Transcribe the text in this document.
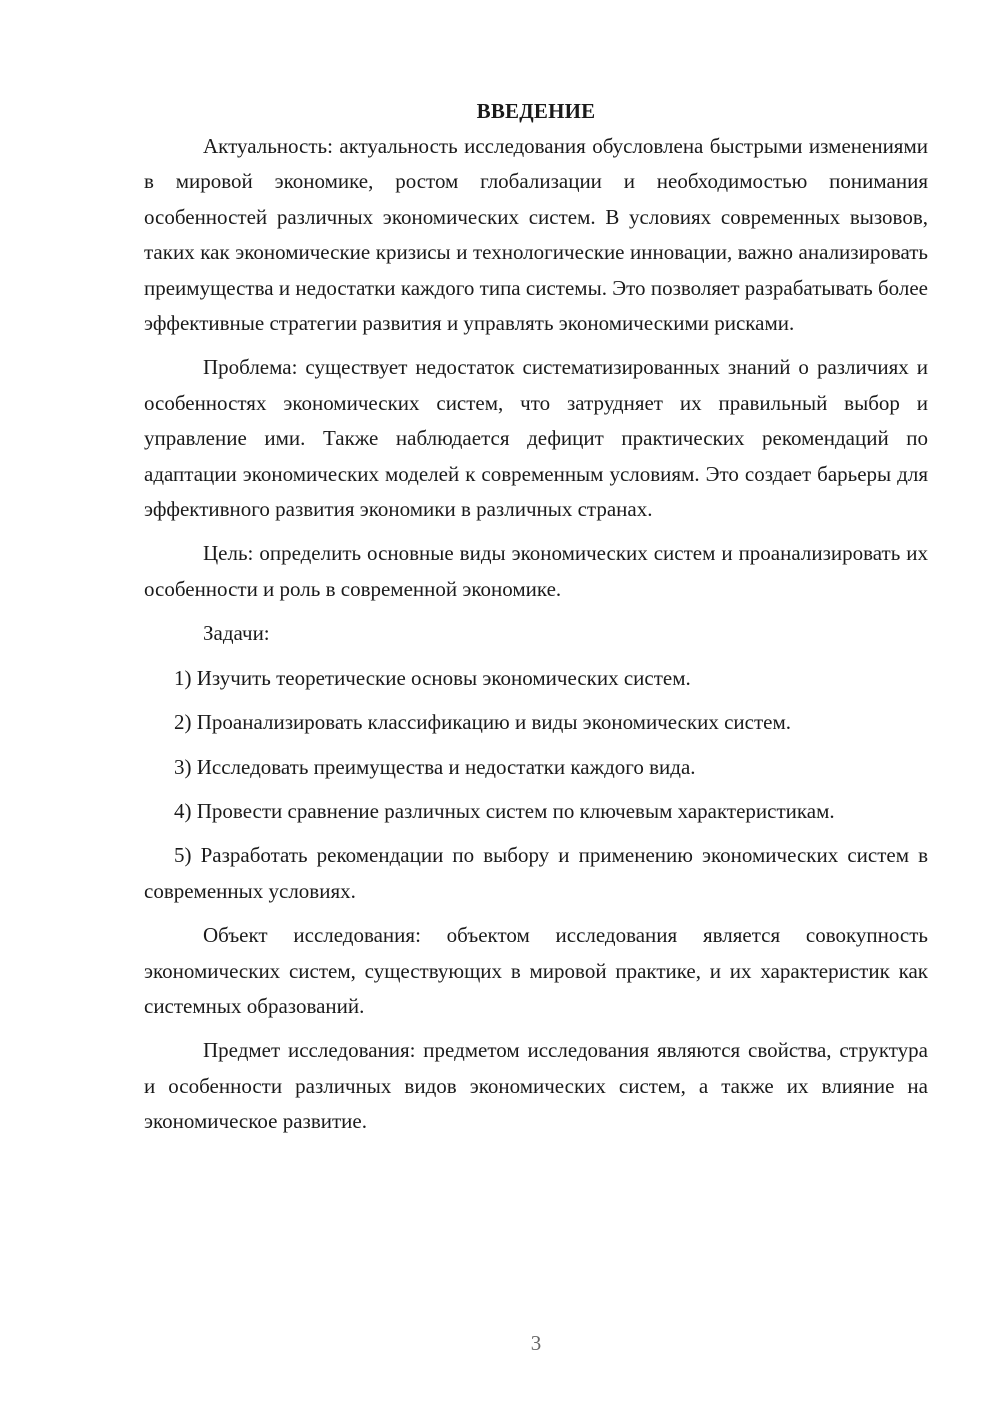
ВВЕДЕНИЕ

Актуальность: актуальность исследования обусловлена быстрыми изменениями в мировой экономике, ростом глобализации и необходимостью понимания особенностей различных экономических систем. В условиях современных вызовов, таких как экономические кризисы и технологические инновации, важно анализировать преимущества и недостатки каждого типа системы. Это позволяет разрабатывать более эффективные стратегии развития и управлять экономическими рисками.

Проблема: существует недостаток систематизированных знаний о различиях и особенностях экономических систем, что затрудняет их правильный выбор и управление ими. Также наблюдается дефицит практических рекомендаций по адаптации экономических моделей к современным условиям. Это создает барьеры для эффективного развития экономики в различных странах.

Цель: определить основные виды экономических систем и проанализировать их особенности и роль в современной экономике.

Задачи:

1) Изучить теоретические основы экономических систем.

2) Проанализировать классификацию и виды экономических систем.

3) Исследовать преимущества и недостатки каждого вида.

4) Провести сравнение различных систем по ключевым характеристикам.

5) Разработать рекомендации по выбору и применению экономических систем в современных условиях.

Объект исследования: объектом исследования является совокупность экономических систем, существующих в мировой практике, и их характеристик как системных образований.

Предмет исследования: предметом исследования являются свойства, структура и особенности различных видов экономических систем, а также их влияние на экономическое развитие.

3
